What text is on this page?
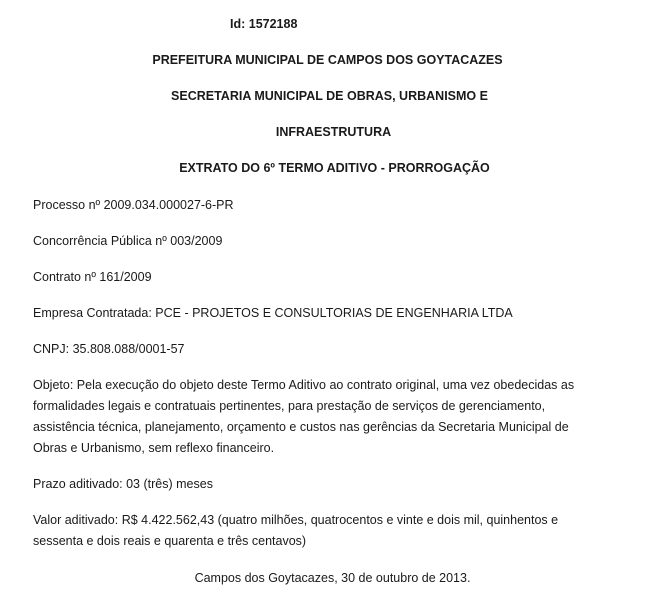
Id: 1572188
PREFEITURA MUNICIPAL DE CAMPOS DOS GOYTACAZES
SECRETARIA MUNICIPAL DE OBRAS, URBANISMO E
INFRAESTRUTURA
EXTRATO DO 6º TERMO ADITIVO - PRORROGAÇÃO
Processo nº 2009.034.000027-6-PR
Concorrência Pública nº 003/2009
Contrato nº 161/2009
Empresa Contratada: PCE - PROJETOS E CONSULTORIAS DE ENGENHARIA LTDA
CNPJ: 35.808.088/0001-57
Objeto: Pela execução do objeto deste Termo Aditivo ao contrato original, uma vez obedecidas as
formalidades legais e contratuais pertinentes, para prestação de serviços de gerenciamento,
assistência técnica, planejamento, orçamento e custos nas gerências da Secretaria Municipal de
Obras e Urbanismo, sem reflexo financeiro.
Prazo aditivado: 03 (três) meses
Valor aditivado: R$ 4.422.562,43 (quatro milhões, quatrocentos e vinte e dois mil, quinhentos e
sessenta e dois reais e quarenta e três centavos)
Campos dos Goytacazes, 30 de outubro de 2013.
